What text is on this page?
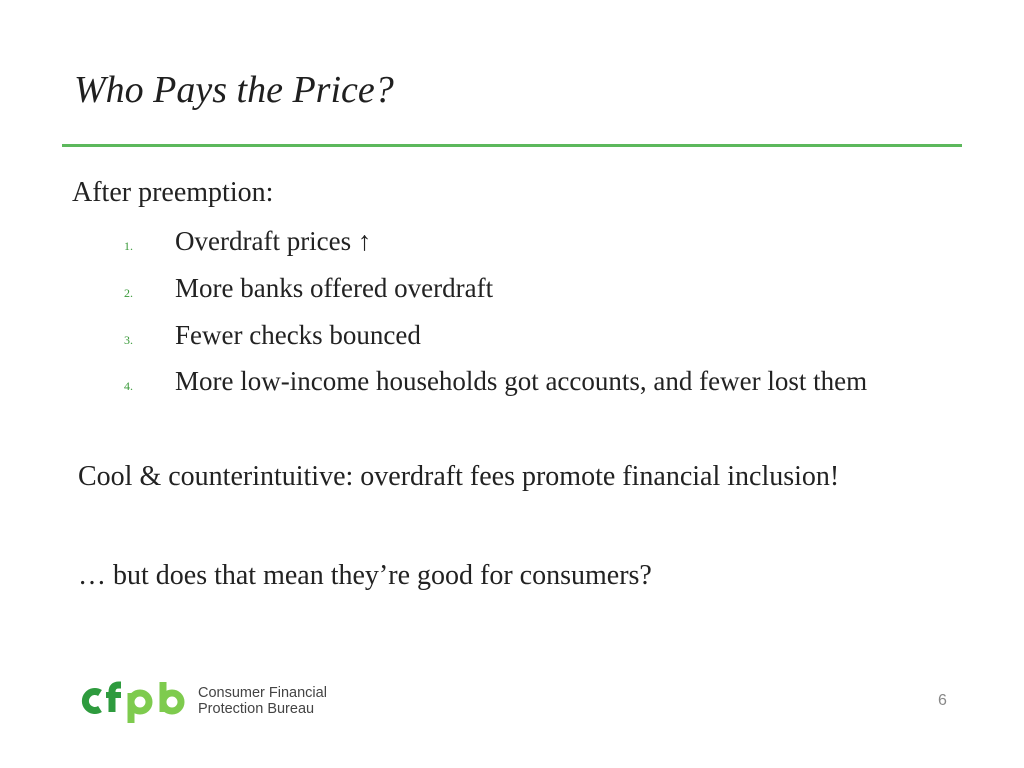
Who Pays the Price?
After preemption:
1. Overdraft prices ↑
2. More banks offered overdraft
3. Fewer checks bounced
4. More low-income households got accounts, and fewer lost them
Cool & counterintuitive: overdraft fees promote financial inclusion!
… but does that mean they’re good for consumers?
Consumer Financial
Protection Bureau	6
